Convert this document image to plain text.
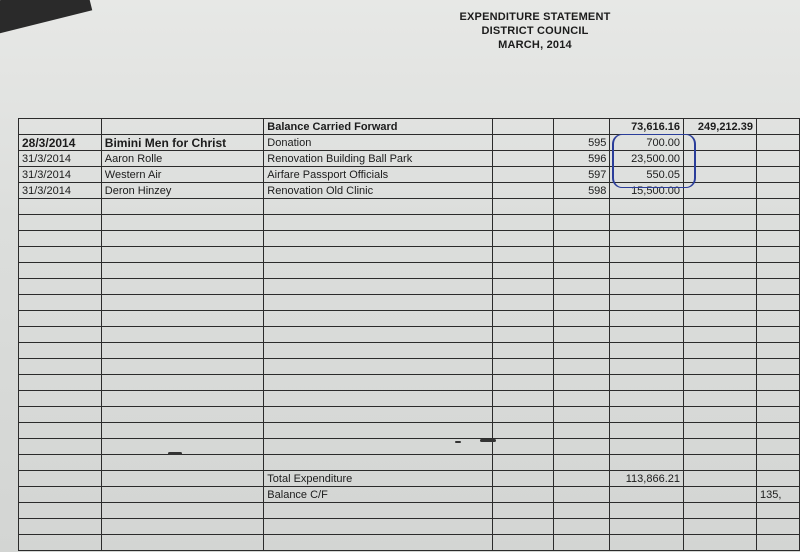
EXPENDITURE STATEMENT
DISTRICT COUNCIL
MARCH, 2014
		Balance Carried Forward			73,616.16	249,212.39	
28/3/2014	Bimini Men for Christ	Donation		595	700.00		
31/3/2014	Aaron Rolle	Renovation Building Ball Park		596	23,500.00		
31/3/2014	Western Air	Airfare Passport Officials		597	550.05		
31/3/2014	Deron Hinzey	Renovation Old Clinic		598	15,500.00		

		Total Expenditure			113,866.21		
		Balance C/F					135,
